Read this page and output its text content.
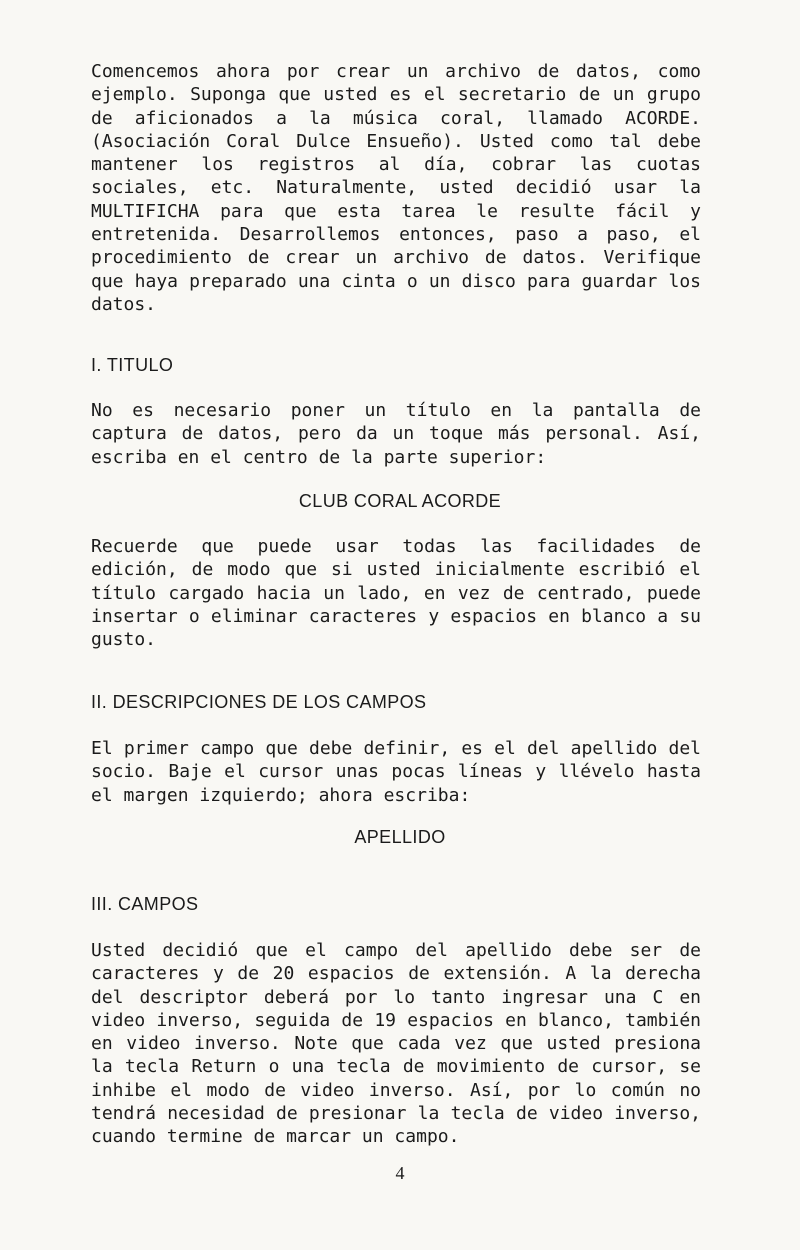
Comencemos ahora por crear un archivo de datos, como ejemplo. Suponga que usted es el secretario de un grupo de aficionados a la música coral, llamado ACORDE. (Asociación Coral Dulce Ensueño). Usted como tal debe mantener los registros al día, cobrar las cuotas sociales, etc. Naturalmente, usted decidió usar la MULTIFICHA para que esta tarea le resulte fácil y entretenida. Desarrollemos entonces, paso a paso, el procedimiento de crear un archivo de datos. Verifique que haya preparado una cinta o un disco para guardar los datos.

I. TITULO

No es necesario poner un título en la pantalla de captura de datos, pero da un toque más personal. Así, escriba en el centro de la parte superior:

CLUB CORAL ACORDE

Recuerde que puede usar todas las facilidades de edición, de modo que si usted inicialmente escribió el título cargado hacia un lado, en vez de centrado, puede insertar o eliminar caracteres y espacios en blanco a su gusto.

II. DESCRIPCIONES DE LOS CAMPOS

El primer campo que debe definir, es el del apellido del socio. Baje el cursor unas pocas líneas y llévelo hasta el margen izquierdo; ahora escriba:

APELLIDO
III. CAMPOS

Usted decidió que el campo del apellido debe ser de caracteres y de 20 espacios de extensión. A la derecha del descriptor deberá por lo tanto ingresar una C en video inverso, seguida de 19 espacios en blanco, también en video inverso. Note que cada vez que usted presiona la tecla Return o una tecla de movimiento de cursor, se inhibe el modo de video inverso. Así, por lo común no tendrá necesidad de presionar la tecla de video inverso, cuando termine de marcar un campo.

4
